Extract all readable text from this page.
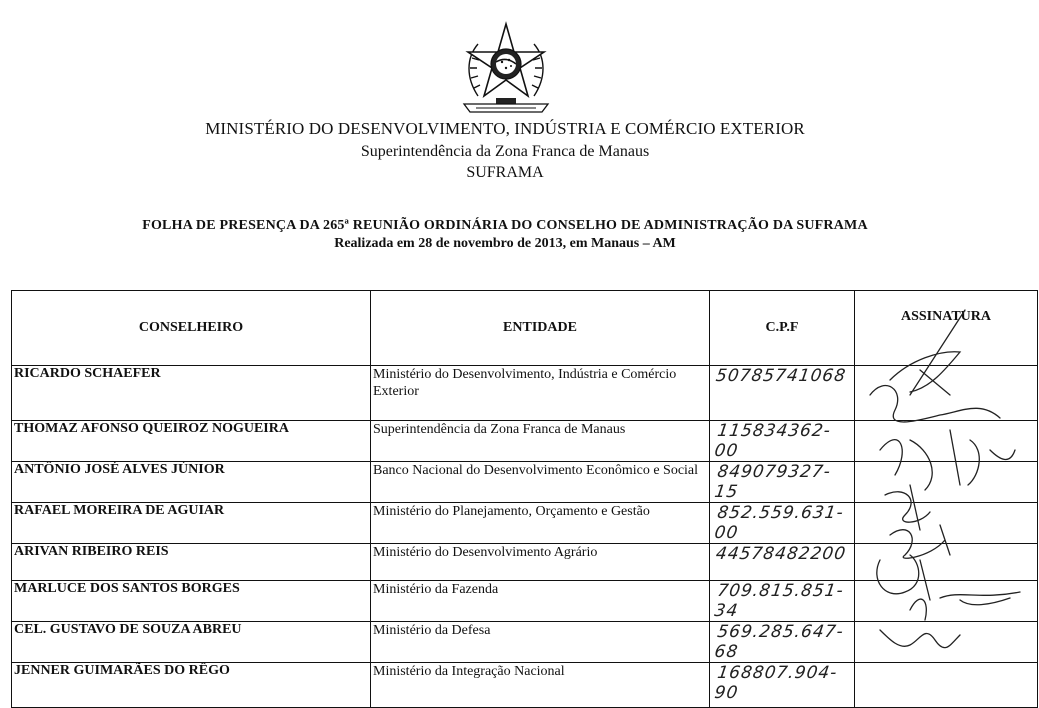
MINISTÉRIO DO DESENVOLVIMENTO, INDÚSTRIA E COMÉRCIO EXTERIOR
Superintendência da Zona Franca de Manaus
SUFRAMA
FOLHA DE PRESENÇA DA 265ª REUNIÃO ORDINÁRIA DO CONSELHO DE ADMINISTRAÇÃO DA SUFRAMA
Realizada em 28 de novembro de 2013, em Manaus – AM
CONSELHEIRO	ENTIDADE	C.P.F	ASSINATURA
RICARDO SCHAEFER	Ministério do Desenvolvimento, Indústria e Comércio Exterior	50785741068	
THOMAZ AFONSO QUEIROZ NOGUEIRA	Superintendência da Zona Franca de Manaus	115834362-00	
ANTÔNIO JOSÉ ALVES JÚNIOR	Banco Nacional do Desenvolvimento Econômico e Social	849079327-15	
RAFAEL MOREIRA DE AGUIAR	Ministério do Planejamento, Orçamento e Gestão	852.559.631-00	
ARIVAN RIBEIRO REIS	Ministério do Desenvolvimento Agrário	44578482200	
MARLUCE DOS SANTOS BORGES	Ministério da Fazenda	709.815.851-34	
CEL. GUSTAVO DE SOUZA ABREU	Ministério da Defesa	569.285.647-68	
JENNER GUIMARÃES DO RÊGO	Ministério da Integração Nacional	168807.904-90	
